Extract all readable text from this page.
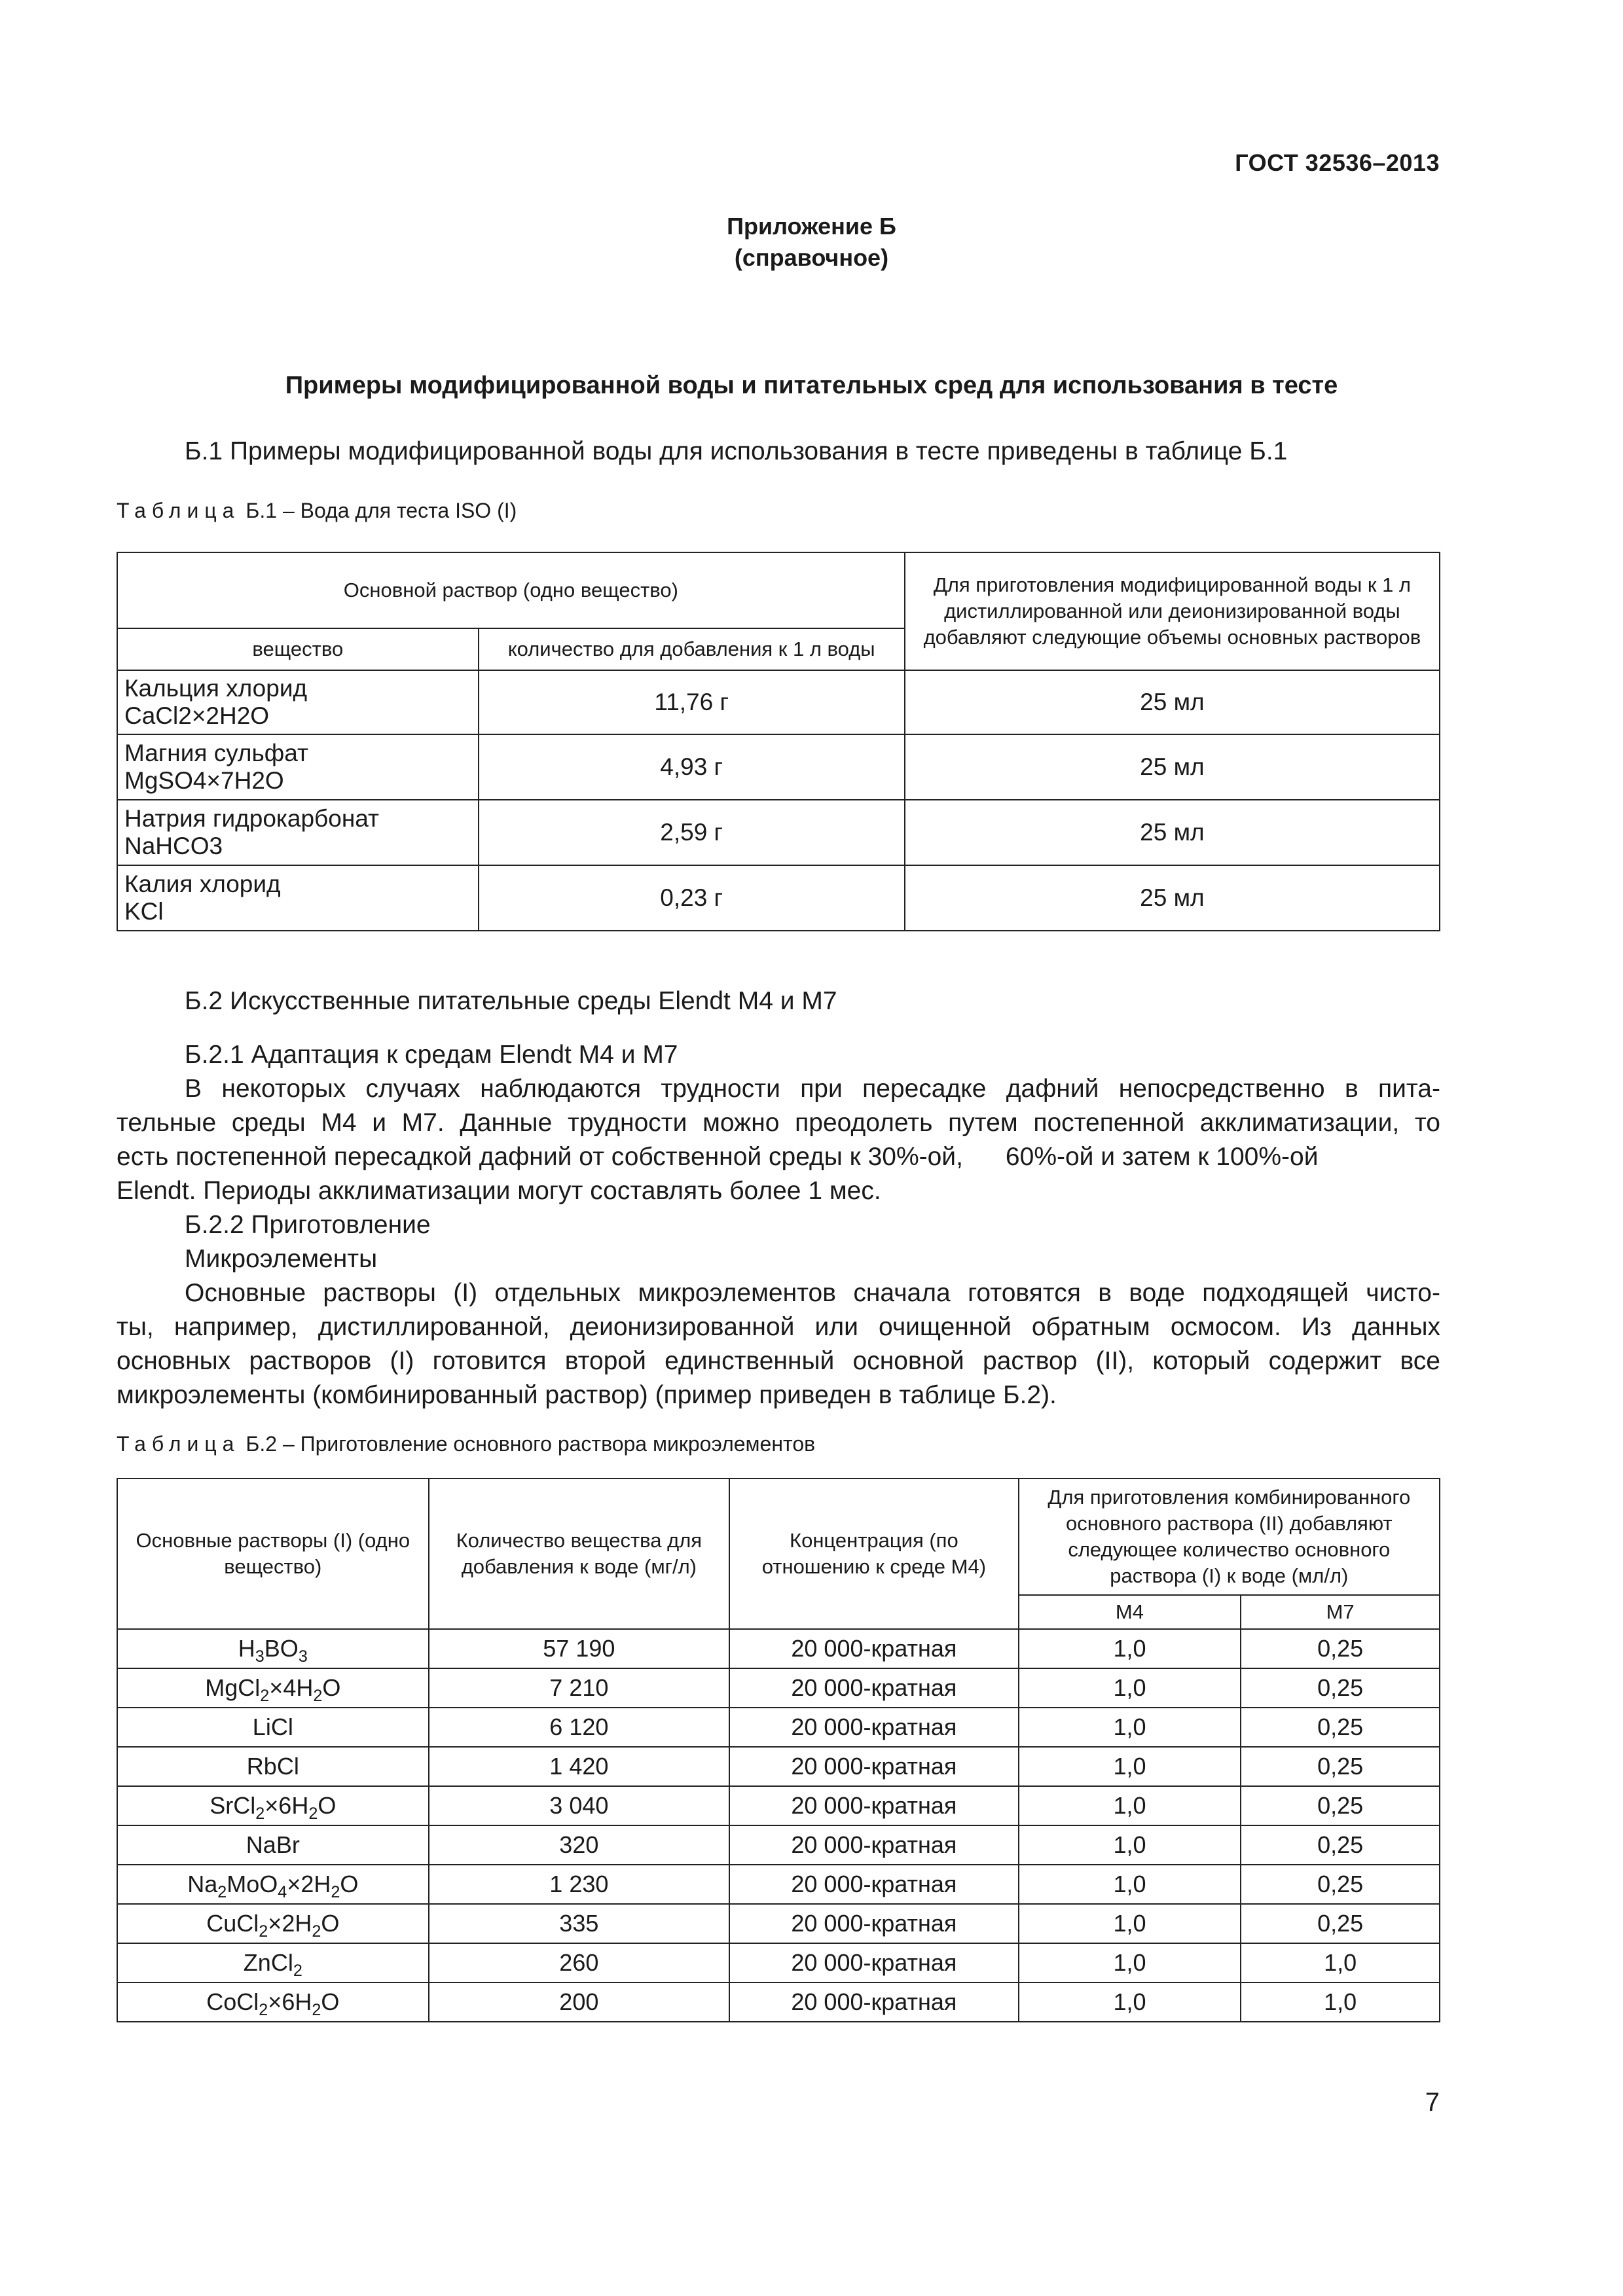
ГОСТ 32536–2013
Приложение Б
(справочное)
Примеры модифицированной воды и питательных сред для использования в тесте
Б.1 Примеры модифицированной воды для использования в тесте приведены в таблице Б.1
Таблица Б.1 – Вода для теста ISO (I)
Основной раствор (одно вещество)		Для приготовления модифицированной воды к 1 л дистиллированной или деионизированной воды добавляют следующие объемы основных растворов
вещество	количество для добавления к 1 л воды	

Кальция хлорид
CaCl2×2H2O	11,76 г	25 мл

Магния сульфат
MgSO4×7H2O	4,93 г	25 мл

Натрия гидрокарбонат
NaHCO3	2,59 г	25 мл

Калия хлорид
KCl	0,23 г	25 мл
Б.2 Искусственные питательные среды Elendt M4 и M7
Б.2.1 Адаптация к средам Elendt M4 и M7
В некоторых случаях наблюдаются трудности при пересадке дафний непосредственно в пита-
тельные среды M4 и M7. Данные трудности можно преодолеть путем постепенной акклиматизации, то
есть постепенной пересадкой дафний от собственной среды к 30%-ой,      60%-ой и затем к 100%-ой
Elendt. Периоды акклиматизации могут составлять более 1 мес.
Б.2.2 Приготовление
Микроэлементы
Основные растворы (I) отдельных микроэлементов сначала готовятся в воде подходящей чисто-
ты, например, дистиллированной, деионизированной или очищенной обратным осмосом. Из данных
основных растворов (I) готовится второй единственный основной раствор (II), который содержит все
микроэлементы (комбинированный раствор) (пример приведен в таблице Б.2).
Таблица Б.2 – Приготовление основного раствора микроэлементов
Основные растворы (I) (одно вещество)	Количество вещества для добавления к воде (мг/л)	Концентрация (по отношению к среде M4)	Для приготовления комбинированного основного раствора (II) добавляют следующее количество основного раствора (I) к воде (мл/л)	
			M4	M7
$H_3BO_3$	57 190	20 000-кратная	1,0	0,25
$MgCl_2\times 4H_2O$	7 210	20 000-кратная	1,0	0,25
LiCl	6 120	20 000-кратная	1,0	0,25
RbCl	1 420	20 000-кратная	1,0	0,25
$SrCl_2\times 6H_2O$	3 040	20 000-кратная	1,0	0,25
NaBr	320	20 000-кратная	1,0	0,25
$Na_2MoO_4\times 2H_2O$	1 230	20 000-кратная	1,0	0,25
$CuCl_2\times 2H_2O$	335	20 000-кратная	1,0	0,25
ZnCl$_2$	260	20 000-кратная	1,0	1,0
$CoCl_2\times 6H_2O$	200	20 000-кратная	1,0	1,0
7
